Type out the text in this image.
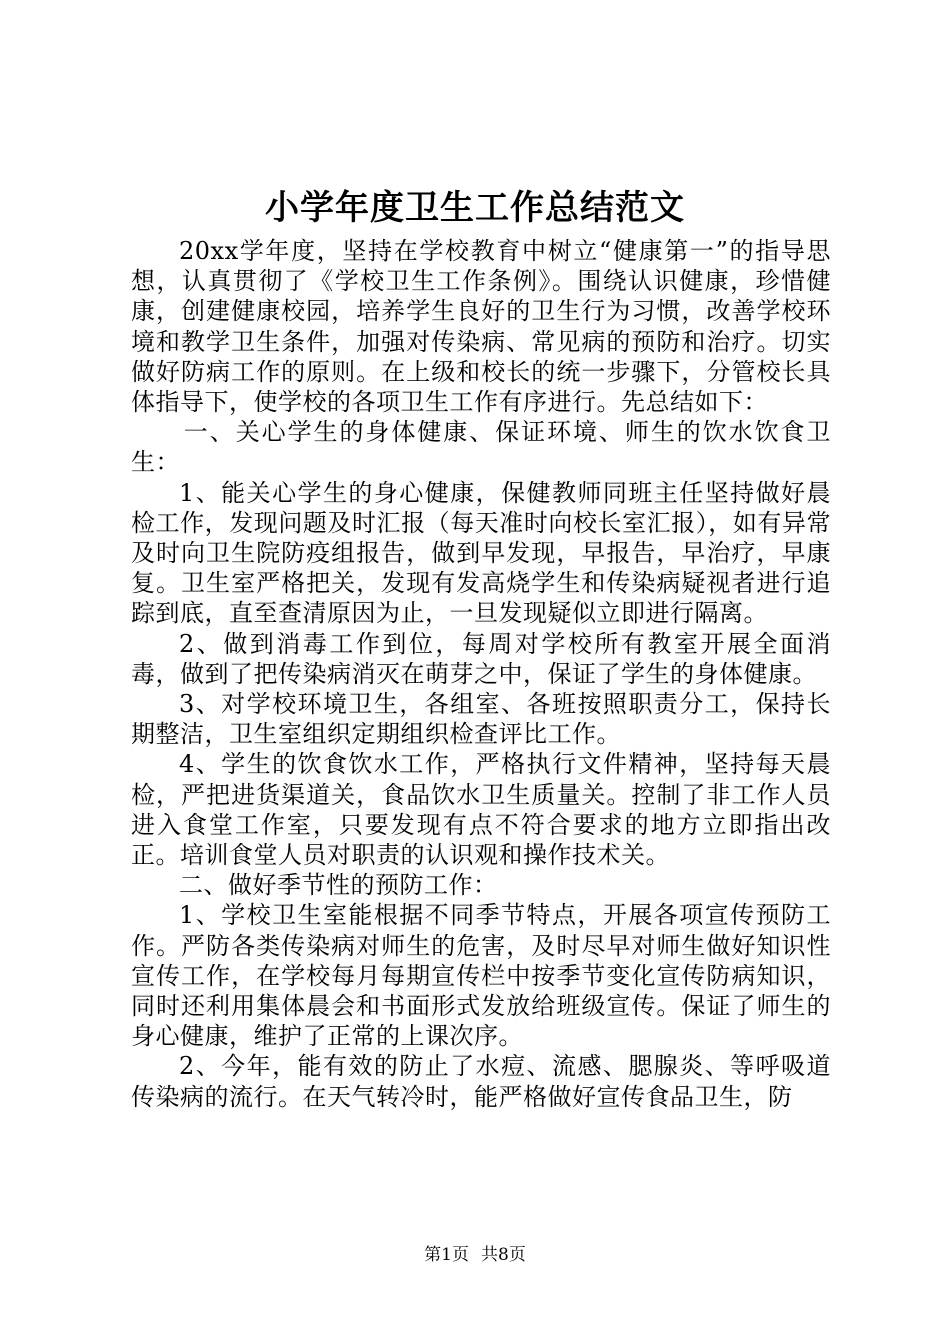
小学年度卫生工作总结范文

20xx学年度，坚持在学校教育中树立“健康第一”的指导思想，认真贯彻了《学校卫生工作条例》。围绕认识健康，珍惜健康，创建健康校园，培养学生良好的卫生行为习惯，改善学校环境和教学卫生条件，加强对传染病、常见病的预防和治疗。切实做好防病工作的原则。在上级和校长的统一步骤下，分管校长具体指导下，使学校的各项卫生工作有序进行。先总结如下：

一、关心学生的身体健康、保证环境、师生的饮水饮食卫生：

1、能关心学生的身心健康，保健教师同班主任坚持做好晨检工作，发现问题及时汇报（每天准时向校长室汇报），如有异常及时向卫生院防疫组报告，做到早发现，早报告，早治疗，早康复。卫生室严格把关，发现有发高烧学生和传染病疑视者进行追踪到底，直至查清原因为止，一旦发现疑似立即进行隔离。

2、做到消毒工作到位，每周对学校所有教室开展全面消毒，做到了把传染病消灭在萌芽之中，保证了学生的身体健康。

3、对学校环境卫生，各组室、各班按照职责分工，保持长期整洁，卫生室组织定期组织检查评比工作。

4、学生的饮食饮水工作，严格执行文件精神，坚持每天晨检，严把进货渠道关，食品饮水卫生质量关。控制了非工作人员进入食堂工作室，只要发现有点不符合要求的地方立即指出改正。培训食堂人员对职责的认识观和操作技术关。

二、做好季节性的预防工作：

1、学校卫生室能根据不同季节特点，开展各项宣传预防工作。严防各类传染病对师生的危害，及时尽早对师生做好知识性宣传工作，在学校每月每期宣传栏中按季节变化宣传防病知识，同时还利用集体晨会和书面形式发放给班级宣传。保证了师生的身心健康，维护了正常的上课次序。

2、今年，能有效的防止了水痘、流感、腮腺炎、等呼吸道传染病的流行。在天气转冷时，能严格做好宣传食品卫生，防

第1页 共8页
